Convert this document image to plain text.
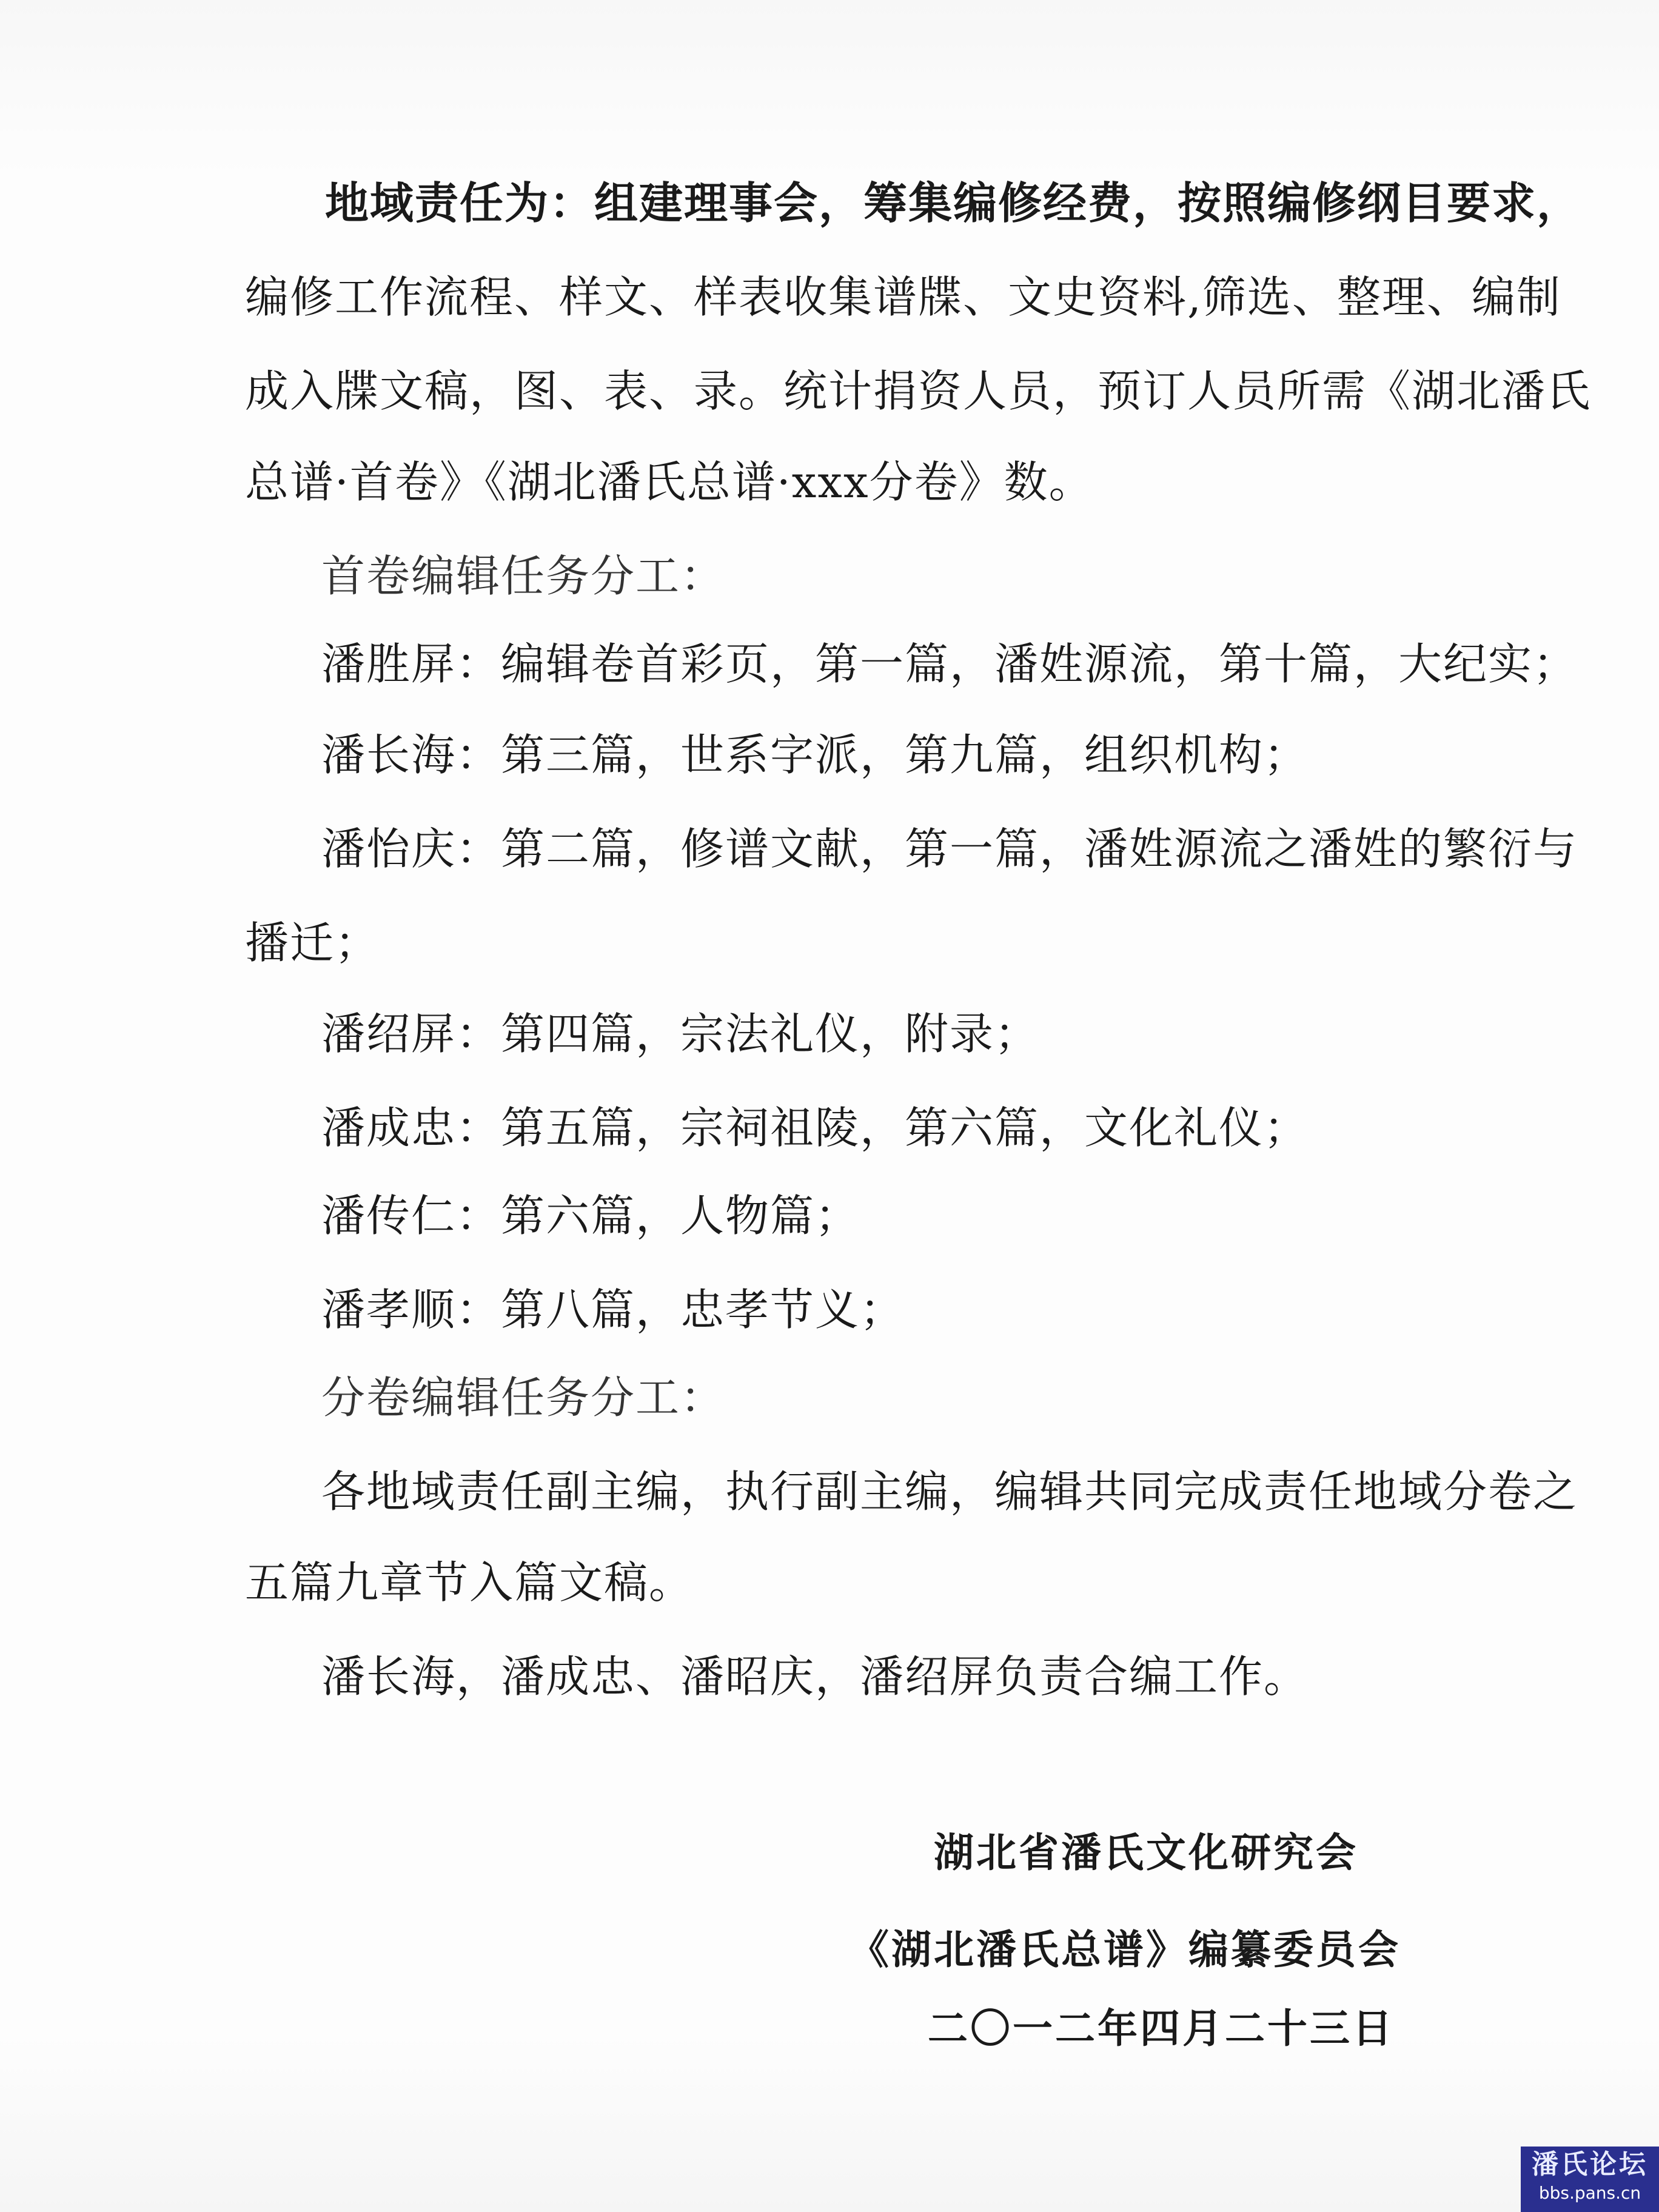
地域责任为：组建理事会，筹集编修经费，按照编修纲目要求，
编修工作流程、样文、样表收集谱牒、文史资料,筛选、整理、编制
成入牒文稿，图、表、录。统计捐资人员，预订人员所需《湖北潘氏
总谱·首卷》《湖北潘氏总谱·xxx分卷》数。
首卷编辑任务分工：
潘胜屏：编辑卷首彩页，第一篇，潘姓源流，第十篇，大纪实；
潘长海：第三篇，世系字派，第九篇，组织机构；
潘怡庆：第二篇，修谱文献，第一篇，潘姓源流之潘姓的繁衍与
播迁；
潘绍屏：第四篇，宗法礼仪，附录；
潘成忠：第五篇，宗祠祖陵，第六篇，文化礼仪；
潘传仁：第六篇，人物篇；
潘孝顺：第八篇，忠孝节义；
分卷编辑任务分工：
各地域责任副主编，执行副主编，编辑共同完成责任地域分卷之
五篇九章节入篇文稿。
潘长海，潘成忠、潘昭庆，潘绍屏负责合编工作。
湖北省潘氏文化研究会
《湖北潘氏总谱》编纂委员会
二〇一二年四月二十三日
潘氏论坛
bbs.pans.cn
